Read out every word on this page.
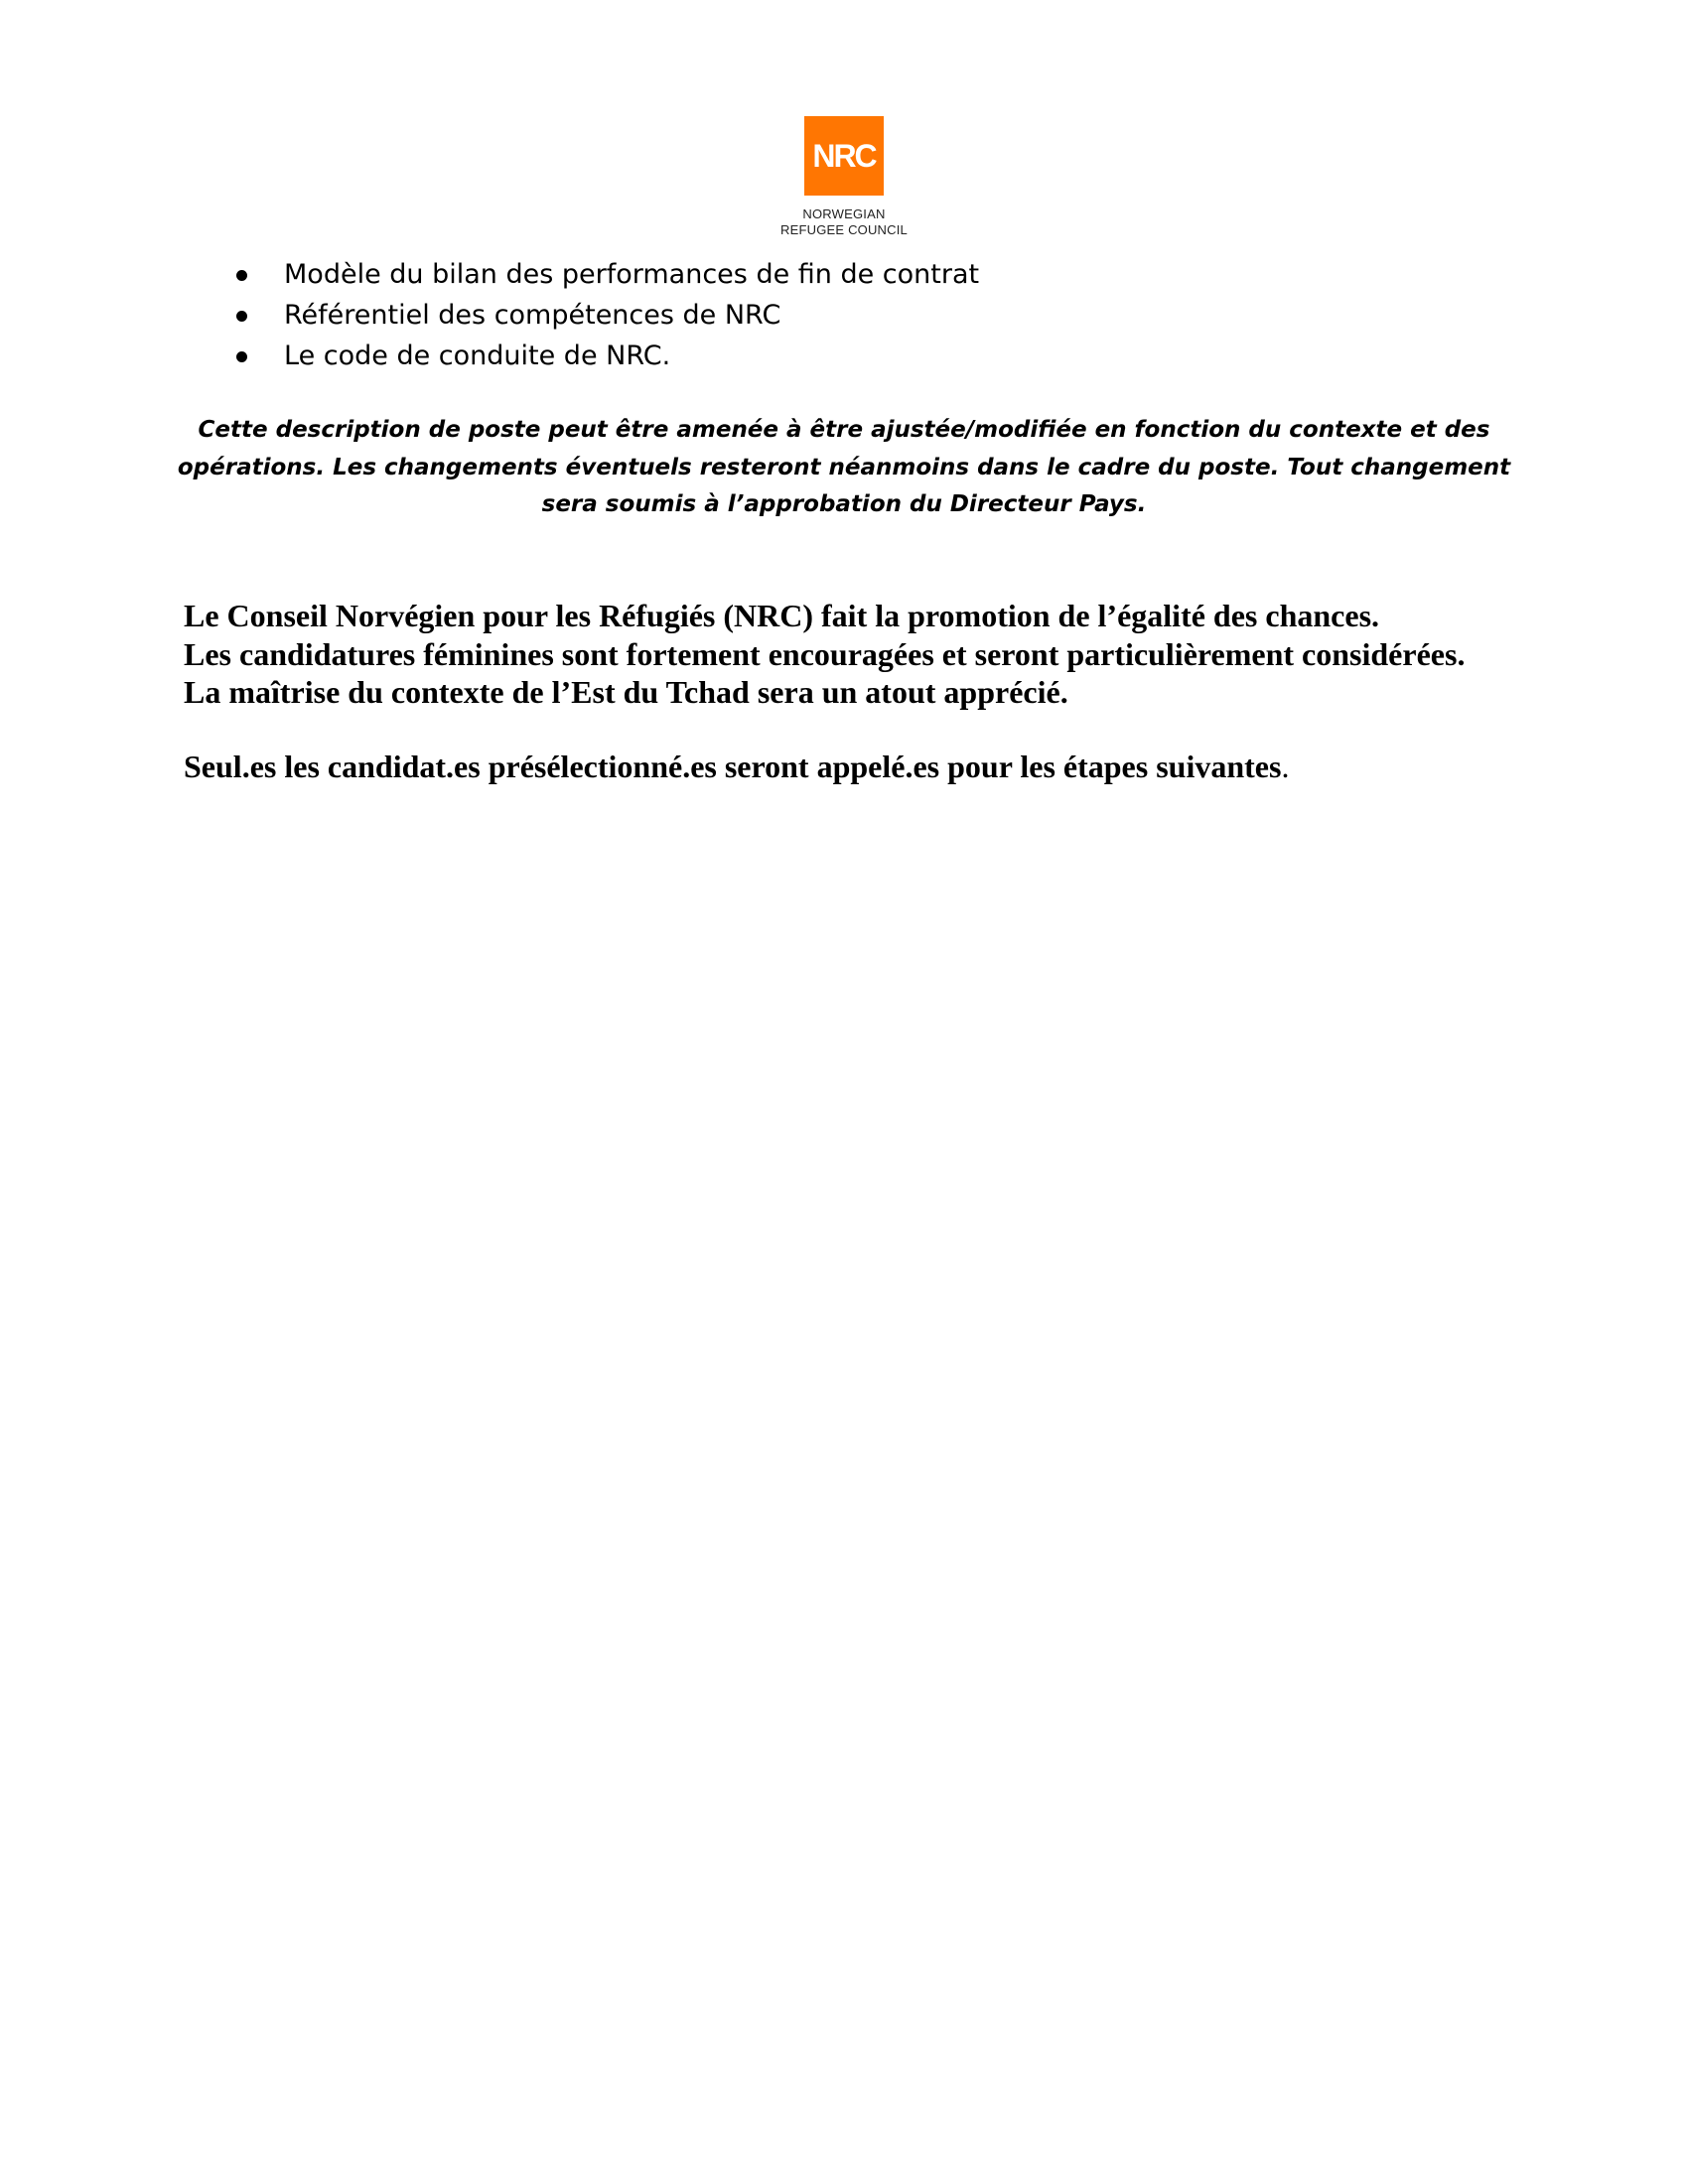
NRC
NORWEGIAN
REFUGEE COUNCIL
Modèle du bilan des performances de fin de contrat
Référentiel des compétences de NRC
Le code de conduite de NRC.
Cette description de poste peut être amenée à être ajustée/modifiée en fonction du contexte et des
opérations. Les changements éventuels resteront néanmoins dans le cadre du poste. Tout changement
sera soumis à l’approbation du Directeur Pays.

Le Conseil Norvégien pour les Réfugiés (NRC) fait la promotion de l’égalité des chances.

Les candidatures féminines sont fortement encouragées et seront particulièrement considérées.

La maîtrise du contexte de l’Est du Tchad sera un atout apprécié.

Seul.es les candidat.es présélectionné.es seront appelé.es pour les étapes suivantes.
